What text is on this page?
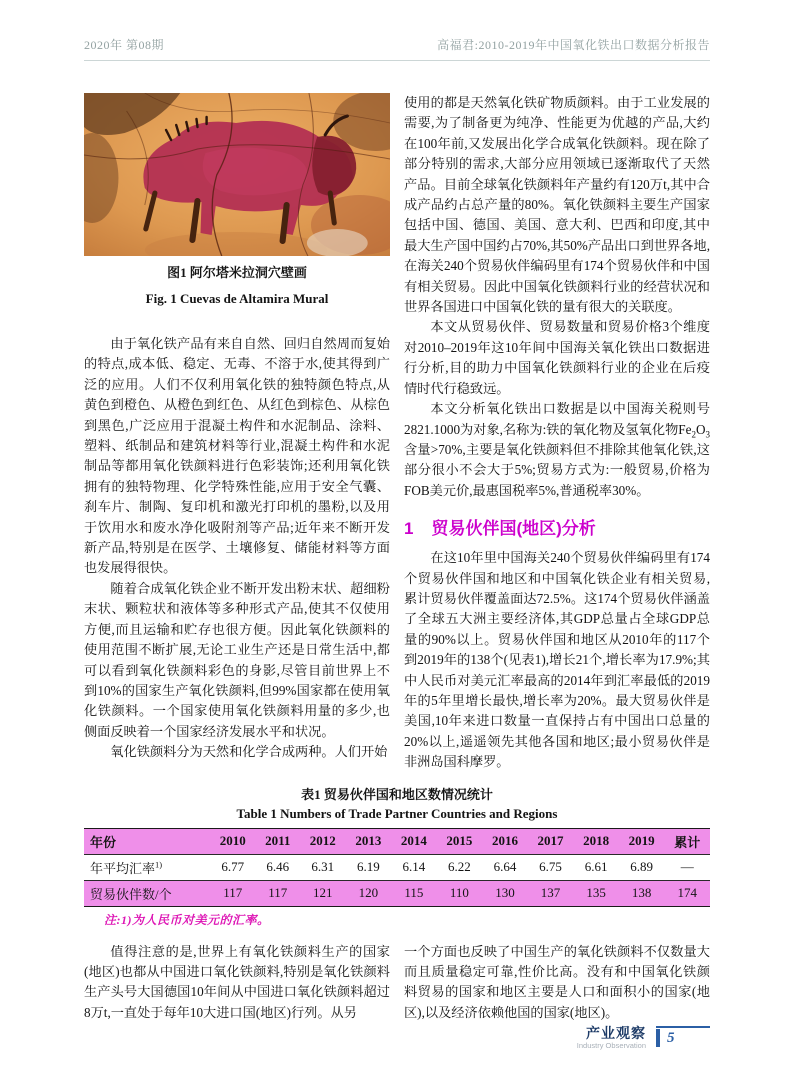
2020年 第08期	高福君:2010-2019年中国氧化铁出口数据分析报告
图1 阿尔塔米拉洞穴壁画
Fig. 1 Cuevas de Altamira Mural

由于氧化铁产品有来自自然、回归自然周而复始的特点,成本低、稳定、无毒、不溶于水,使其得到广泛的应用。人们不仅利用氧化铁的独特颜色特点,从黄色到橙色、从橙色到红色、从红色到棕色、从棕色到黑色,广泛应用于混凝土构件和水泥制品、涂料、塑料、纸制品和建筑材料等行业,混凝土构件和水泥制品等都用氧化铁颜料进行色彩装饰;还利用氧化铁拥有的独特物理、化学特殊性能,应用于安全气囊、刹车片、制陶、复印机和激光打印机的墨粉,以及用于饮用水和废水净化吸附剂等产品;近年来不断开发新产品,特别是在医学、土壤修复、储能材料等方面也发展得很快。

随着合成氧化铁企业不断开发出粉末状、超细粉末状、颗粒状和液体等多种形式产品,使其不仅使用方便,而且运输和贮存也很方便。因此氧化铁颜料的使用范围不断扩展,无论工业生产还是日常生活中,都可以看到氧化铁颜料彩色的身影,尽管目前世界上不到10%的国家生产氧化铁颜料,但99%国家都在使用氧化铁颜料。一个国家使用氧化铁颜料用量的多少,也侧面反映着一个国家经济发展水平和状况。

氧化铁颜料分为天然和化学合成两种。人们开始

使用的都是天然氧化铁矿物质颜料。由于工业发展的需要,为了制备更为纯净、性能更为优越的产品,大约在100年前,又发展出化学合成氧化铁颜料。现在除了部分特别的需求,大部分应用领域已逐渐取代了天然产品。目前全球氧化铁颜料年产量约有120万t,其中合成产品约占总产量的80%。氧化铁颜料主要生产国家包括中国、德国、美国、意大利、巴西和印度,其中最大生产国中国约占70%,其50%产品出口到世界各地,在海关240个贸易伙伴编码里有174个贸易伙伴和中国有相关贸易。因此中国氧化铁颜料行业的经营状况和世界各国进口中国氧化铁的量有很大的关联度。

本文从贸易伙伴、贸易数量和贸易价格3个维度对2010–2019年这10年间中国海关氧化铁出口数据进行分析,目的助力中国氧化铁颜料行业的企业在后疫情时代行稳致远。

本文分析氧化铁出口数据是以中国海关税则号2821.1000为对象,名称为:铁的氧化物及氢氧化物$Fe_2O_3$含量>70%,主要是氧化铁颜料但不排除其他氧化铁,这部分很小不会大于5%;贸易方式为:一般贸易,价格为FOB美元价,最惠国税率5%,普通税率30%。

1 贸易伙伴国(地区)分析

在这10年里中国海关240个贸易伙伴编码里有174个贸易伙伴国和地区和中国氧化铁企业有相关贸易,累计贸易伙伴覆盖面达72.5%。这174个贸易伙伴涵盖了全球五大洲主要经济体,其GDP总量占全球GDP总量的90%以上。贸易伙伴国和地区从2010年的117个到2019年的138个(见表1),增长21个,增长率为17.9%;其中人民币对美元汇率最高的2014年到汇率最低的2019年的5年里增长最快,增长率为20%。最大贸易伙伴是美国,10年来进口数量一直保持占有中国出口总量的20%以上,遥遥领先其他各国和地区;最小贸易伙伴是非洲岛国科摩罗。

表1 贸易伙伴国和地区数情况统计

Table 1 Numbers of Trade Partner Countries and Regions

年份	2010	2011	2012	2013	2014	2015	2016	2017	2018	2019	累计
年平均汇率$^{1)}$	6.77	6.46	6.31	6.19	6.14	6.22	6.64	6.75	6.61	6.89	—
贸易伙伴数/个	117	117	121	120	115	110	130	137	135	138	174
注:1)为人民币对美元的汇率。

值得注意的是,世界上有氧化铁颜料生产的国家(地区)也都从中国进口氧化铁颜料,特别是氧化铁颜料生产头号大国德国10年间从中国进口氧化铁颜料超过8万t,一直处于每年10大进口国(地区)行列。从另

一个方面也反映了中国生产的氧化铁颜料不仅数量大而且质量稳定可靠,性价比高。没有和中国氧化铁颜料贸易的国家和地区主要是人口和面积小的国家(地区),以及经济依赖他国的国家(地区)。

产业观察
Industry Observation 5
